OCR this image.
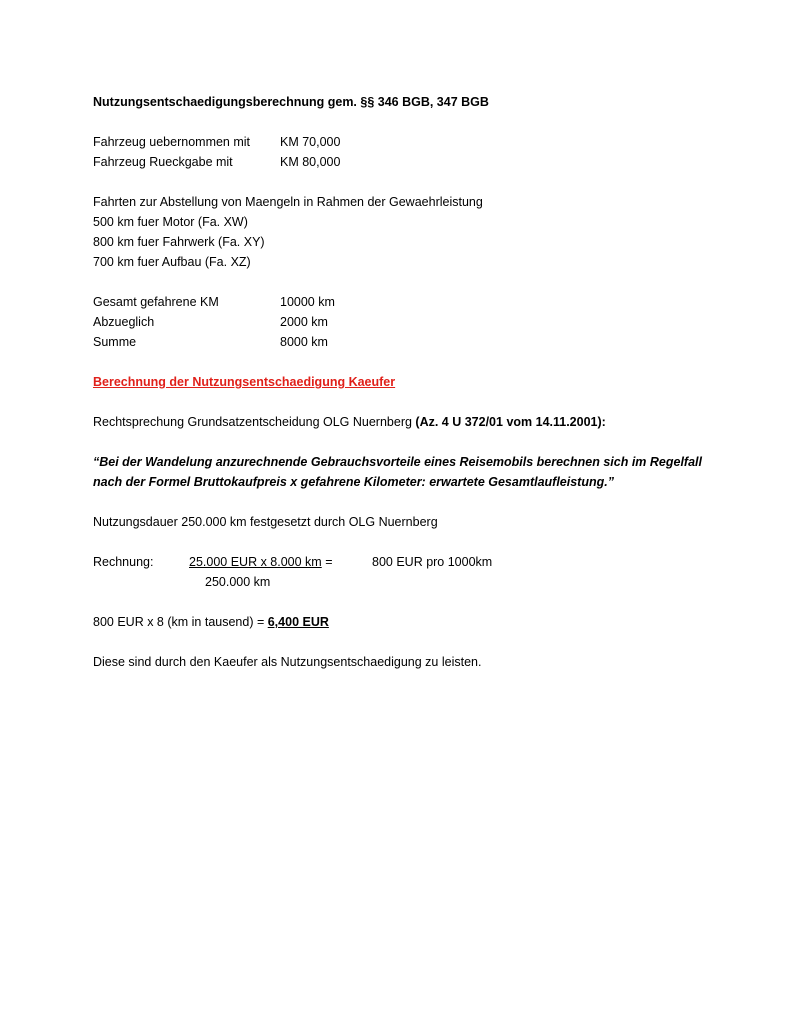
Nutzungsentschaedigungsberechnung gem. §§ 346 BGB, 347 BGB
Fahrzeug uebernommen mit KM 70,000
Fahrzeug Rueckgabe mit	KM 80,000
Fahrten zur Abstellung von Maengeln in Rahmen der Gewaehrleistung
500 km fuer Motor (Fa. XW)
800 km fuer Fahrwerk (Fa. XY)
700 km fuer Aufbau (Fa. XZ)
Gesamt gefahrene KM	10000 km
Abzueglich	2000 km
Summe	8000 km
Berechnung der Nutzungsentschaedigung Kaeufer
Rechtsprechung Grundsatzentscheidung OLG Nuernberg (Az. 4 U 372/01 vom 14.11.2001):
“Bei der Wandelung anzurechnende Gebrauchsvorteile eines Reisemobils berechnen sich im Regelfall
nach der Formel Bruttokaufpreis x gefahrene Kilometer: erwartete Gesamtlaufleistung.”
Nutzungsdauer 250.000 km festgesetzt durch OLG Nuernberg
Rechnung:	25.000 EUR x 8.000 km =	800 EUR pro 1000km
250.000 km
800 EUR x 8 (km in tausend) = 6,400 EUR
Diese sind durch den Kaeufer als Nutzungsentschaedigung zu leisten.
